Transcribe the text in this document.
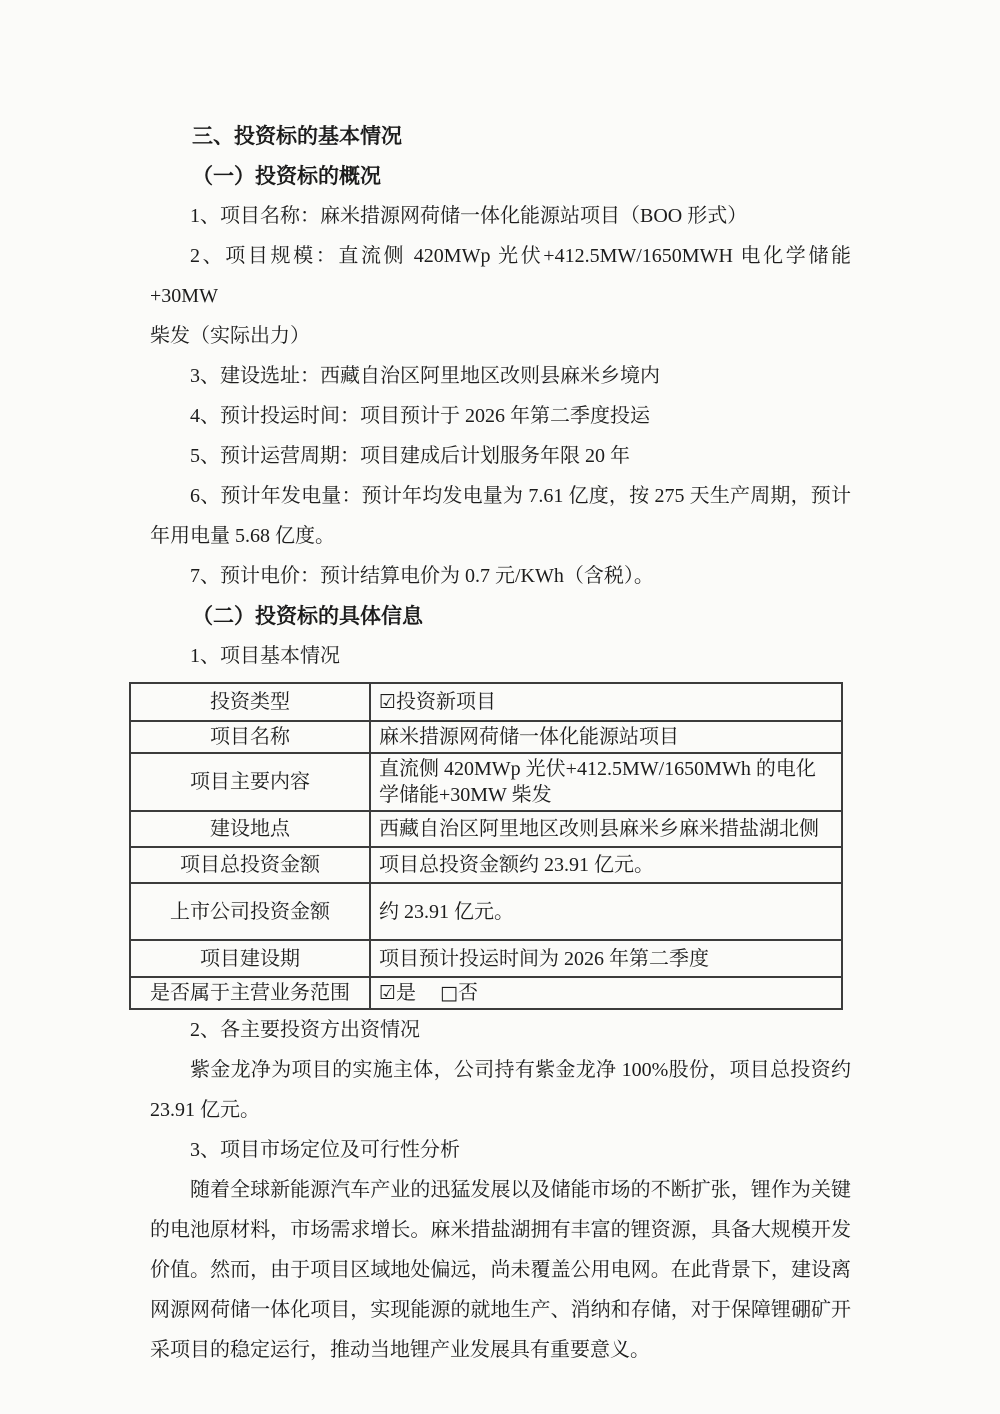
三、投资标的基本情况
（一）投资标的概况

1、项目名称：麻米措源网荷储一体化能源站项目（BOO 形式）

2、项目规模：直流侧 420MWp 光伏+412.5MW/1650MWH 电化学储能+30MW

柴发（实际出力）

3、建设选址：西藏自治区阿里地区改则县麻米乡境内

4、预计投运时间：项目预计于 2026 年第二季度投运

5、预计运营周期：项目建成后计划服务年限 20 年

6、预计年发电量：预计年均发电量为 7.61 亿度，按 275 天生产周期，预计

年用电量 5.68 亿度。

7、预计电价：预计结算电价为 0.7 元/KWh（含税）。

（二）投资标的具体信息

1、项目基本情况

投资类型	☑投资新项目
项目名称	麻米措源网荷储一体化能源站项目
项目主要内容	直流侧 420MWp 光伏+412.5MW/1650MWh 的电化学储能+30MW 柴发
建设地点	西藏自治区阿里地区改则县麻米乡麻米措盐湖北侧
项目总投资金额	项目总投资金额约 23.91 亿元。
上市公司投资金额	约 23.91 亿元。
项目建设期	项目预计投运时间为 2026 年第二季度
是否属于主营业务范围	☑是 □否

2、各主要投资方出资情况

紫金龙净为项目的实施主体，公司持有紫金龙净 100%股份，项目总投资约

23.91 亿元。

3、项目市场定位及可行性分析

随着全球新能源汽车产业的迅猛发展以及储能市场的不断扩张，锂作为关键

的电池原材料，市场需求增长。麻米措盐湖拥有丰富的锂资源，具备大规模开发

价值。然而，由于项目区域地处偏远，尚未覆盖公用电网。在此背景下，建设离

网源网荷储一体化项目，实现能源的就地生产、消纳和存储，对于保障锂硼矿开

采项目的稳定运行，推动当地锂产业发展具有重要意义。
